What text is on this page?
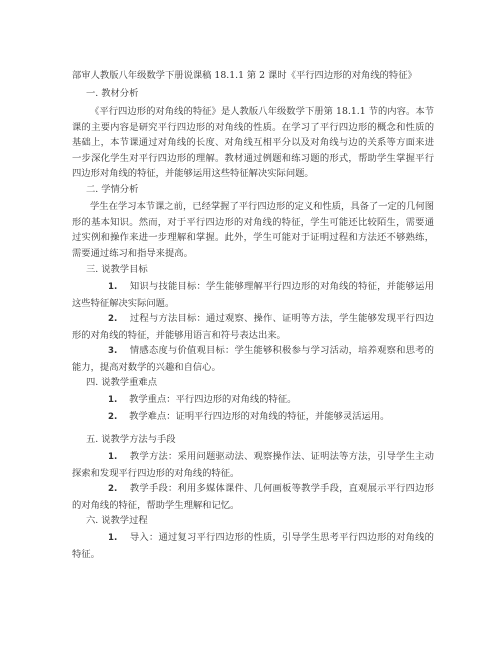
部审人教版八年级数学下册说课稿 18.1.1 第 2 课时《平行四边形的对角线的特征》
一. 教材分析

《平行四边形的对角线的特征》是人教版八年级数学下册第 18.1.1 节的内容。本节课的主要内容是研究平行四边形的对角线的性质。在学习了平行四边形的概念和性质的基础上，本节课通过对角线的长度、对角线互相平分以及对角线与边的关系等方面来进一步深化学生对平行四边形的理解。教材通过例题和练习题的形式，帮助学生掌握平行四边形对角线的特征，并能够运用这些特征解决实际问题。

二. 学情分析

学生在学习本节课之前，已经掌握了平行四边形的定义和性质，具备了一定的几何图形的基本知识。然而，对于平行四边形的对角线的特征，学生可能还比较陌生，需要通过实例和操作来进一步理解和掌握。此外，学生可能对于证明过程和方法还不够熟练，需要通过练习和指导来提高。

三. 说教学目标

1. 知识与技能目标：学生能够理解平行四边形的对角线的特征，并能够运用这些特征解决实际问题。

2. 过程与方法目标：通过观察、操作、证明等方法，学生能够发现平行四边形的对角线的特征，并能够用语言和符号表达出来。

3. 情感态度与价值观目标：学生能够积极参与学习活动，培养观察和思考的能力，提高对数学的兴趣和自信心。

四. 说教学重难点

1. 教学重点：平行四边形的对角线的特征。

2. 教学难点：证明平行四边形的对角线的特征，并能够灵活运用。

五. 说教学方法与手段

1. 教学方法：采用问题驱动法、观察操作法、证明法等方法，引导学生主动探索和发现平行四边形的对角线的特征。

2. 教学手段：利用多媒体课件、几何画板等教学手段，直观展示平行四边形的对角线的特征，帮助学生理解和记忆。

六. 说教学过程

1. 导入：通过复习平行四边形的性质，引导学生思考平行四边形的对角线的特征。
